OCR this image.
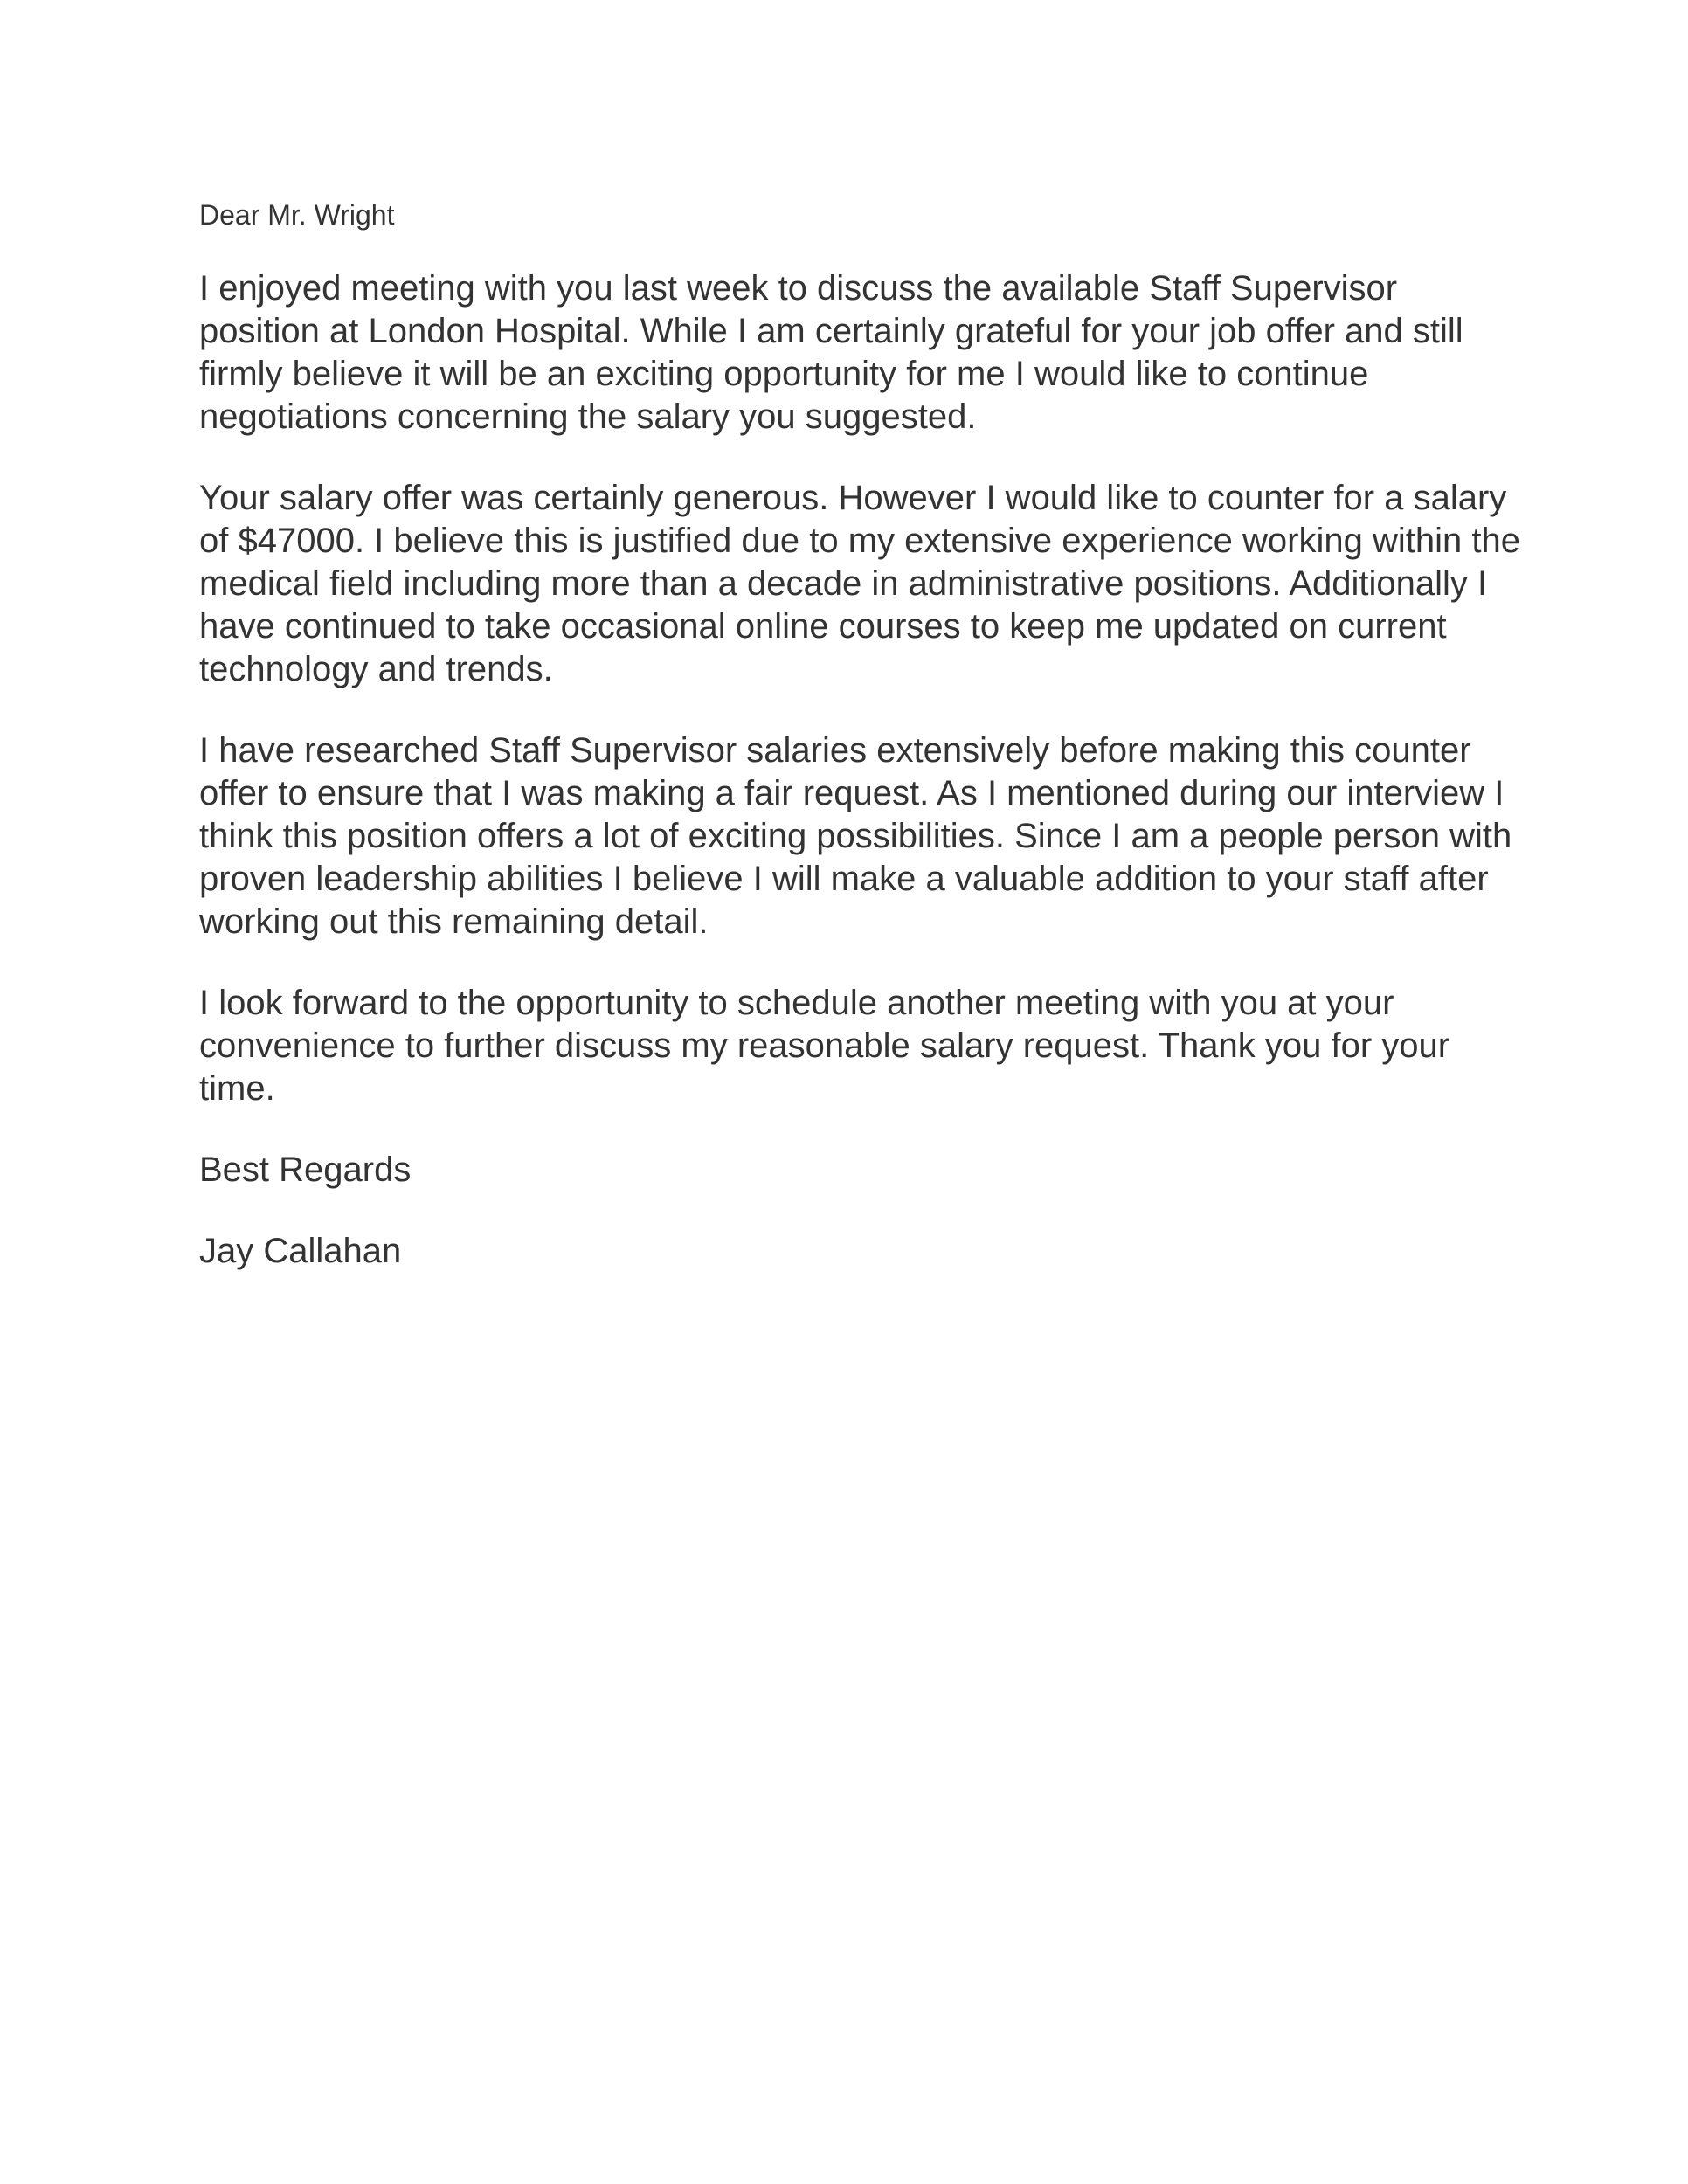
Dear Mr. Wright

I enjoyed meeting with you last week to discuss the available Staff Supervisor position at London Hospital. While I am certainly grateful for your job offer and still firmly believe it will be an exciting opportunity for me I would like to continue negotiations concerning the salary you suggested.

Your salary offer was certainly generous. However I would like to counter for a salary of $47000. I believe this is justified due to my extensive experience working within the medical field including more than a decade in administrative positions. Additionally I have continued to take occasional online courses to keep me updated on current technology and trends.

I have researched Staff Supervisor salaries extensively before making this counter offer to ensure that I was making a fair request. As I mentioned during our interview I think this position offers a lot of exciting possibilities. Since I am a people person with proven leadership abilities I believe I will make a valuable addition to your staff after working out this remaining detail.

I look forward to the opportunity to schedule another meeting with you at your convenience to further discuss my reasonable salary request. Thank you for your time.

Best Regards

Jay Callahan
